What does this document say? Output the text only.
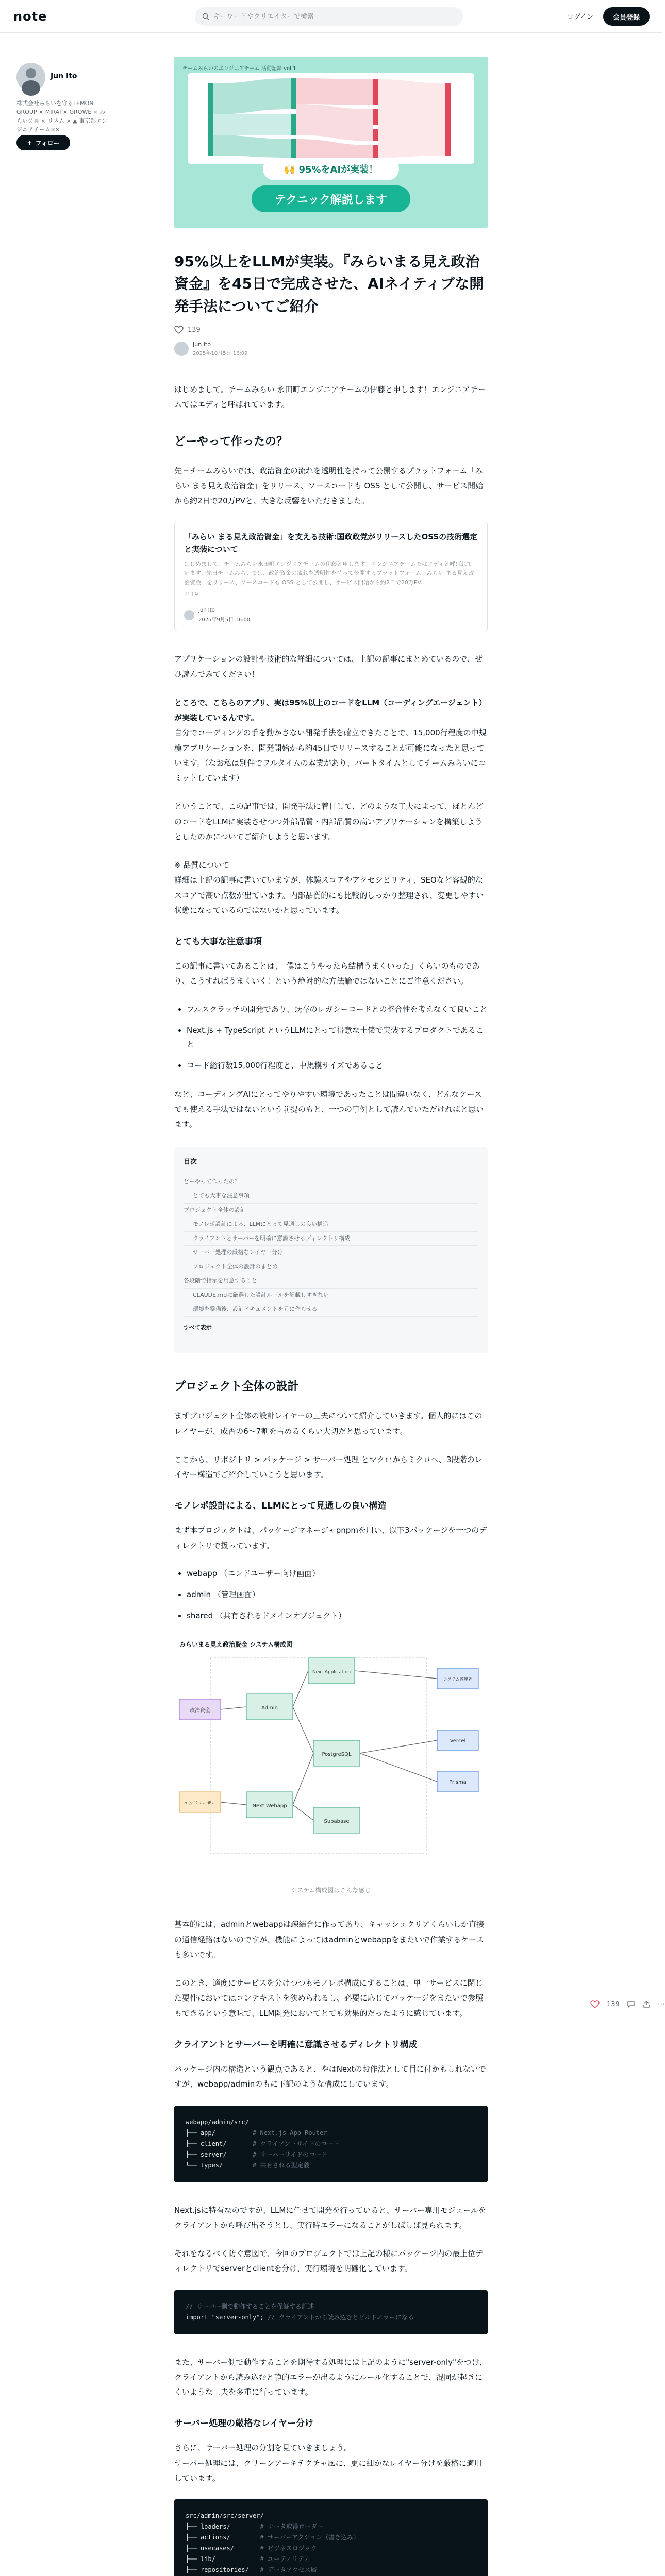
note
キーワードやクリエイターで検索	ログイン	会員登録
Jun Ito
株式会社みらいを守るLEMON GROUP × MIRAI × GROWE × みらい会員 × リネム × ▲ 東京都エンジニアチーム××
+ フォロー
チームみらいのエンジニアチーム 活動記録 vol.1
🙌 95%をAIが実装！
テクニック解説します
95%以上をLLMが実装。『みらいまる見え政治資金』を45日で完成させた、AIネイティブな開発手法についてご紹介
139
Jun Ito
2025年10月5日 16:09

はじめまして。チームみらい 永田町エンジニアチームの伊藤と申します！エンジニアチームではエディと呼ばれています。

どーやって作ったの？

先日チームみらいでは、政治資金の流れを透明性を持って公開するプラットフォーム「みらい まる見え政治資金」をリリース、ソースコードも OSS として公開し、サービス開始から約2日で20万PVと、大きな反響をいただきました。

「みらい まる見え政治資金」を支える技術:国政政党がリリースしたOSSの技術選定と実装について
はじめまして、チームみらい永田町エンジニアチームの伊藤と申します！エンジニアチームではエディと呼ばれています。先日チームみらいでは、政治資金の流れを透明性を持って公開するプラットフォーム「みらい まる見え政治資金」をリリース、ソースコードも OSS として公開し、サービス開始から約2日で20万PV...
♡ 19
Jun Ito
2025年9月5日 16:00

アプリケーションの設計や技術的な詳細については、上記の記事にまとめているので、ぜひ読んでみてください！

ところで、こちらのアプリ、実は95%以上のコードをLLM（コーディングエージェント）が実装しているんです。
自分でコーディングの手を動かさない開発手法を確立できたことで、15,000行程度の中規模アプリケーションを、開発開始から約45日でリリースすることが可能になったと思っています。（なお私は別件でフルタイムの本業があり、パートタイムとしてチームみらいにコミットしています）

ということで、この記事では、開発手法に着目して、どのような工夫によって、ほとんどのコードをLLMに実装させつつ外部品質・内部品質の高いアプリケーションを構築しようとしたのかについてご紹介しようと思います。

※ 品質について
詳細は上記の記事に書いていますが、体験スコアやアクセシビリティ、SEOなど客観的なスコアで高い点数が出ています。内部品質的にも比較的しっかり整理され、変更しやすい状態になっているのではないかと思っています。

とても大事な注意事項

この記事に書いてあることは、「僕はこうやったら結構うまくいった」くらいのものであり、こうすればうまくいく！という絶対的な方法論ではないことにご注意ください。

• フルスクラッチの開発であり、既存のレガシーコードとの整合性を考えなくて良いこと
• Next.js + TypeScript というLLMにとって得意な土俵で実装するプロダクトであること
• コード総行数15,000行程度と、中規模サイズであること

など、コーディングAIにとってやりやすい環境であったことは間違いなく、どんなケースでも使える手法ではないという前提のもと、一つの事例として読んでいただければと思います。

目次
どーやって作ったの？
とても大事な注意事項
プロジェクト全体の設計
モノレポ設計による、LLMにとって見通しの良い構造
クライアントとサーバーを明確に意識させるディレクトリ構成
サーバー処理の厳格なレイヤー分け
プロジェクト全体の設計のまとめ
各段階で指示を用意すること
CLAUDE.mdに厳選した設計ルールを記載しすぎない
環境を整備後、設計ドキュメントを元に作らせる
すべて表示
プロジェクト全体の設計

まずプロジェクト全体の設計レイヤーの工夫について紹介していきます。個人的にはこのレイヤーが、成否の6〜7割を占めるくらい大切だと思っています。

ここから、リポジトリ > パッケージ > サーバー処理 とマクロからミクロへ、3段階のレイヤー構造でご紹介していこうと思います。

モノレポ設計による、LLMにとって見通しの良い構造

まず本プロジェクトは、パッケージマネージャpnpmを用い、以下3パッケージを一つのディレクトリで扱っています。

• webapp （エンドユーザー向け画面）
• admin （管理画面）
• shared （共有されるドメインオブジェクト）
みらいまる見え政治資金 システム構成図
政治資金
エンドユーザー
Admin
Next Application
Next Webapp
PostgreSQL
Supabase
システム管理者
Vercel
Prisma
システム構成図はこんな感じ

基本的には、adminとwebappは疎結合に作ってあり、キャッシュクリアくらいしか直接の通信経路はないのですが、機能によってはadminとwebappをまたいで作業するケースも多いです。

このとき、適度にサービスを分けつつもモノレポ構成にすることは、単一サービスに閉じた要件においてはコンテキストを狭められるし、必要に応じてパッケージをまたいで参照もできるという意味で、LLM開発においてとても効果的だったように感じています。

クライアントとサーバーを明確に意識させるディレクトリ構成

パッケージ内の構造という観点であると、やはNextのお作法として目に付かもしれないですが、webapp/adminのもに下記のような構成にしています。

webapp/admin/src/
├── app/	# Next.js App Router
├── client/	# クライアントサイドのコード
├── server/	# サーバーサイドのコード
└── types/	# 共有される型定義

Next.jsに特有なのですが、LLMに任せて開発を行っていると、サーバー専用モジュールをクライアントから呼び出そうとし、実行時エラーになることがしばしば見られます。

それをなるべく防ぐ意図で、今回のプロジェクトでは上記の様にパッケージ内の最上位ディレクトリでserverとclientを分け、実行環境を明確化しています。

// サーバー側で動作することを保証する記述
import "server-only"; // クライアントから読み込むとビルドエラーになる

また、サーバー側で動作することを期待する処理には上記のように"server-only"をつけ、クライアントから読み込むと静的エラーが出るようにルール化することで、混同が起きにくいような工夫を多重に行っています。

サーバー処理の厳格なレイヤー分け

さらに、サーバー処理の分割を見ていきましょう。
サーバー処理には、クリーンアーキテクチャ風に、更に細かなレイヤー分けを厳格に適用しています。

src/admin/src/server/
├── loaders/	# データ取得ローダー
├── actions/	# サーバーアクション（書き込み）
├── usecases/	# ビジネスロジック
├── lib/	# ユーティリティ
├── repositories/ # データアクセス層

139	⋯
